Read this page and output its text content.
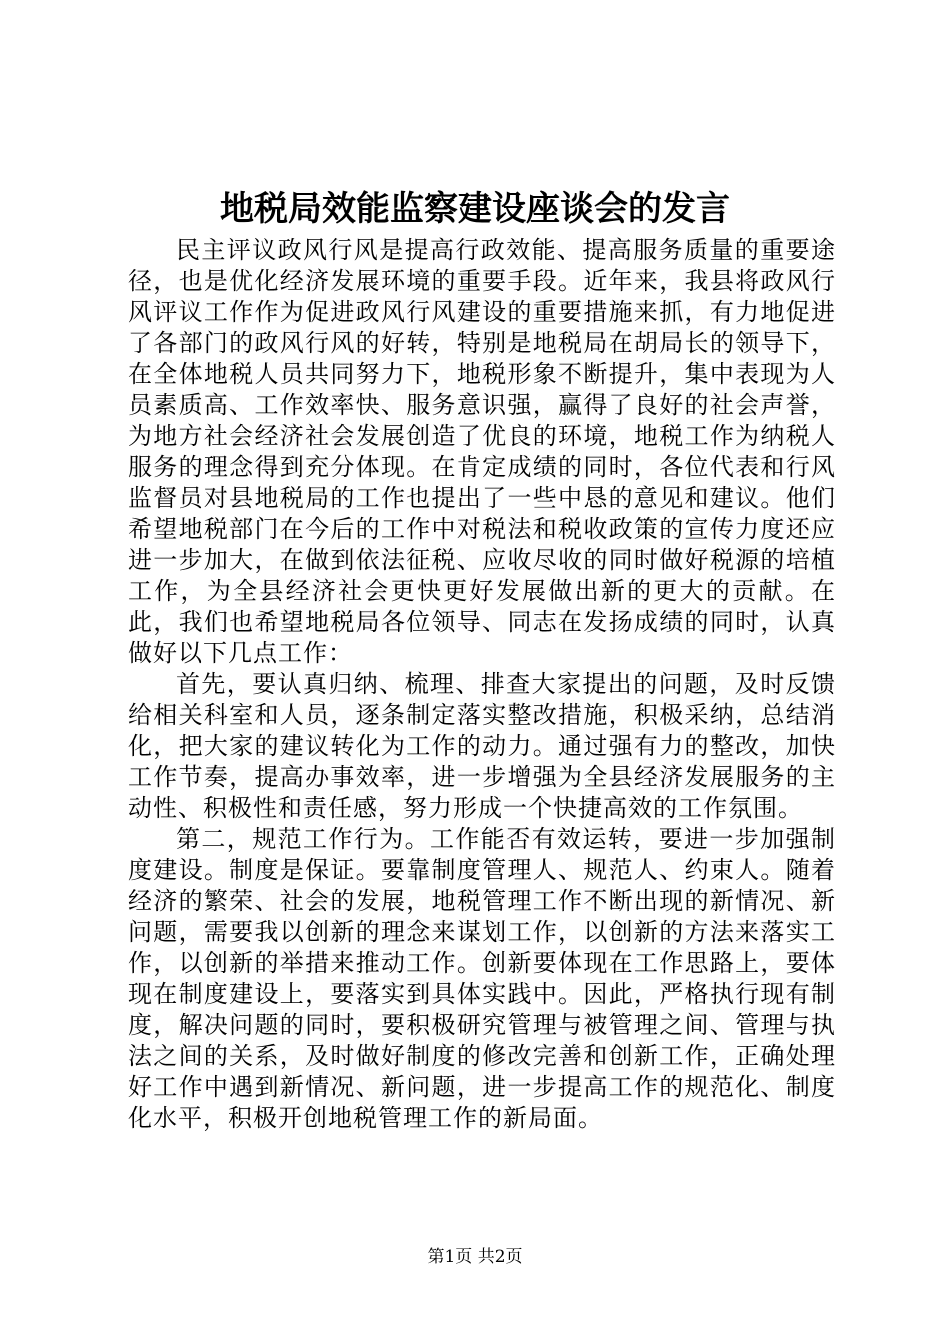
地税局效能监察建设座谈会的发言

民主评议政风行风是提高行政效能、提高服务质量的重要途径，也是优化经济发展环境的重要手段。近年来，我县将政风行风评议工作作为促进政风行风建设的重要措施来抓，有力地促进了各部门的政风行风的好转，特别是地税局在胡局长的领导下，在全体地税人员共同努力下，地税形象不断提升，集中表现为人员素质高、工作效率快、服务意识强，赢得了良好的社会声誉，为地方社会经济社会发展创造了优良的环境，地税工作为纳税人服务的理念得到充分体现。在肯定成绩的同时，各位代表和行风监督员对县地税局的工作也提出了一些中恳的意见和建议。他们希望地税部门在今后的工作中对税法和税收政策的宣传力度还应进一步加大，在做到依法征税、应收尽收的同时做好税源的培植工作，为全县经济社会更快更好发展做出新的更大的贡献。在此，我们也希望地税局各位领导、同志在发扬成绩的同时，认真做好以下几点工作：

首先，要认真归纳、梳理、排查大家提出的问题，及时反馈给相关科室和人员，逐条制定落实整改措施，积极采纳，总结消化，把大家的建议转化为工作的动力。通过强有力的整改，加快工作节奏，提高办事效率，进一步增强为全县经济发展服务的主动性、积极性和责任感，努力形成一个快捷高效的工作氛围。

第二，规范工作行为。工作能否有效运转，要进一步加强制度建设。制度是保证。要靠制度管理人、规范人、约束人。随着经济的繁荣、社会的发展，地税管理工作不断出现的新情况、新问题，需要我以创新的理念来谋划工作，以创新的方法来落实工作，以创新的举措来推动工作。创新要体现在工作思路上，要体现在制度建设上，要落实到具体实践中。因此，严格执行现有制度，解决问题的同时，要积极研究管理与被管理之间、管理与执法之间的关系，及时做好制度的修改完善和创新工作，正确处理好工作中遇到新情况、新问题，进一步提高工作的规范化、制度化水平，积极开创地税管理工作的新局面。

第1页 共2页
